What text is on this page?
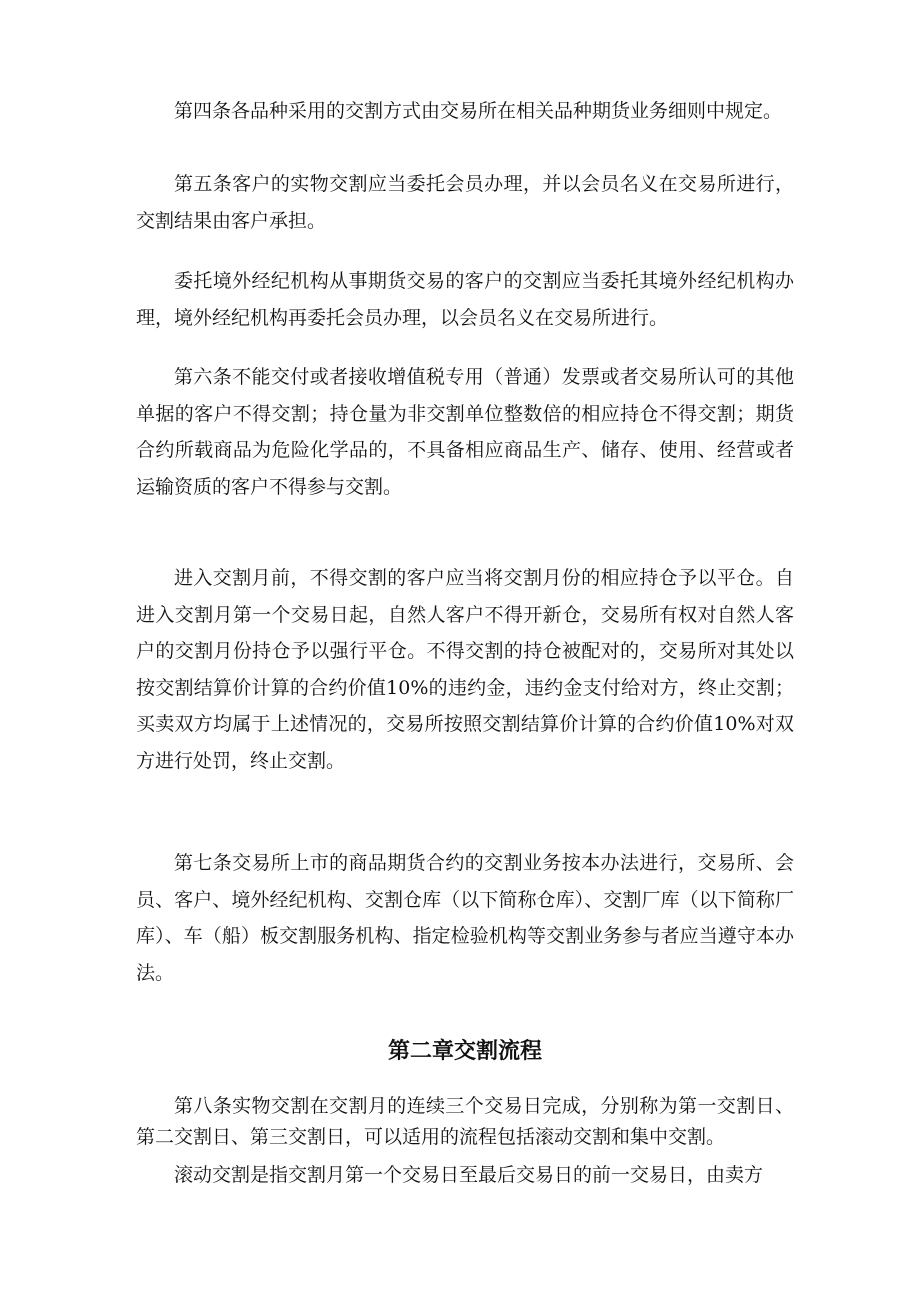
第四条各品种采用的交割方式由交易所在相关品种期货业务细则中规定。

第五条客户的实物交割应当委托会员办理，并以会员名义在交易所进行，交割结果由客户承担。

委托境外经纪机构从事期货交易的客户的交割应当委托其境外经纪机构办理，境外经纪机构再委托会员办理，以会员名义在交易所进行。

第六条不能交付或者接收增值税专用（普通）发票或者交易所认可的其他单据的客户不得交割；持仓量为非交割单位整数倍的相应持仓不得交割；期货合约所载商品为危险化学品的，不具备相应商品生产、储存、使用、经营或者运输资质的客户不得参与交割。

进入交割月前，不得交割的客户应当将交割月份的相应持仓予以平仓。自进入交割月第一个交易日起，自然人客户不得开新仓，交易所有权对自然人客户的交割月份持仓予以强行平仓。不得交割的持仓被配对的，交易所对其处以按交割结算价计算的合约价值10%的违约金，违约金支付给对方，终止交割；买卖双方均属于上述情况的，交易所按照交割结算价计算的合约价值10%对双方进行处罚，终止交割。

第七条交易所上市的商品期货合约的交割业务按本办法进行，交易所、会员、客户、境外经纪机构、交割仓库（以下简称仓库）、交割厂库（以下简称厂库）、车（船）板交割服务机构、指定检验机构等交割业务参与者应当遵守本办法。

第二章交割流程

第八条实物交割在交割月的连续三个交易日完成，分别称为第一交割日、第二交割日、第三交割日，可以适用的流程包括滚动交割和集中交割。

滚动交割是指交割月第一个交易日至最后交易日的前一交易日，由卖方
